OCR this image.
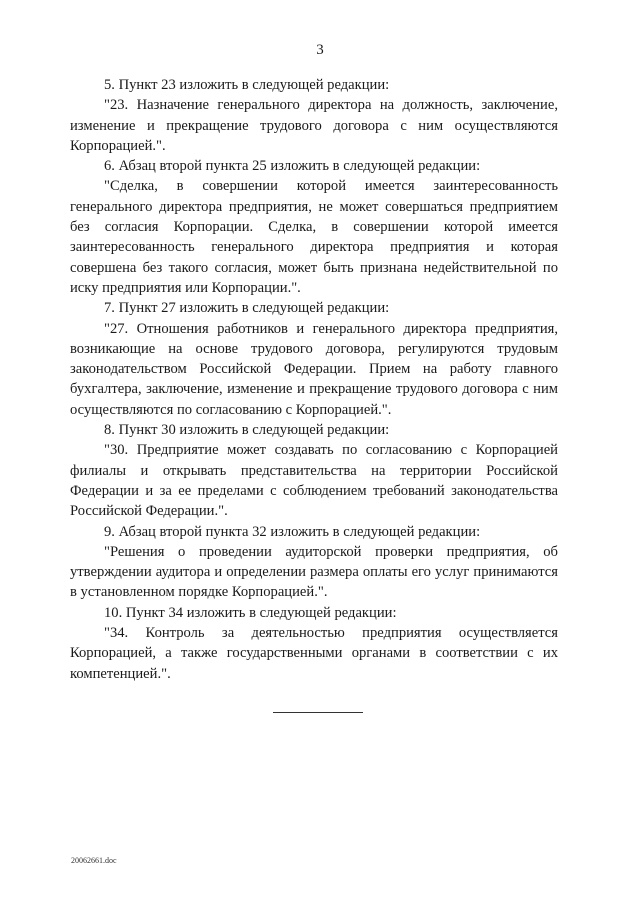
3

5. Пункт 23 изложить в следующей редакции:

"23. Назначение генерального директора на должность, заключение, изменение и прекращение трудового договора с ним осуществляются Корпорацией.".

6. Абзац второй пункта 25 изложить в следующей редакции:

"Сделка, в совершении которой имеется заинтересованность генерального директора предприятия, не может совершаться предприятием без согласия Корпорации. Сделка, в совершении которой имеется заинтересованность генерального директора предприятия и которая совершена без такого согласия, может быть признана недействительной по иску предприятия или Корпорации.".

7. Пункт 27 изложить в следующей редакции:

"27. Отношения работников и генерального директора предприятия, возникающие на основе трудового договора, регулируются трудовым законодательством Российской Федерации. Прием на работу главного бухгалтера, заключение, изменение и прекращение трудового договора с ним осуществляются по согласованию с Корпорацией.".

8. Пункт 30 изложить в следующей редакции:

"30. Предприятие может создавать по согласованию с Корпорацией филиалы и открывать представительства на территории Российской Федерации и за ее пределами с соблюдением требований законодательства Российской Федерации.".

9. Абзац второй пункта 32 изложить в следующей редакции:

"Решения о проведении аудиторской проверки предприятия, об утверждении аудитора и определении размера оплаты его услуг принимаются в установленном порядке Корпорацией.".

10. Пункт 34 изложить в следующей редакции:

"34. Контроль за деятельностью предприятия осуществляется Корпорацией, а также государственными органами в соответствии с их компетенцией.".

20062661.doc
